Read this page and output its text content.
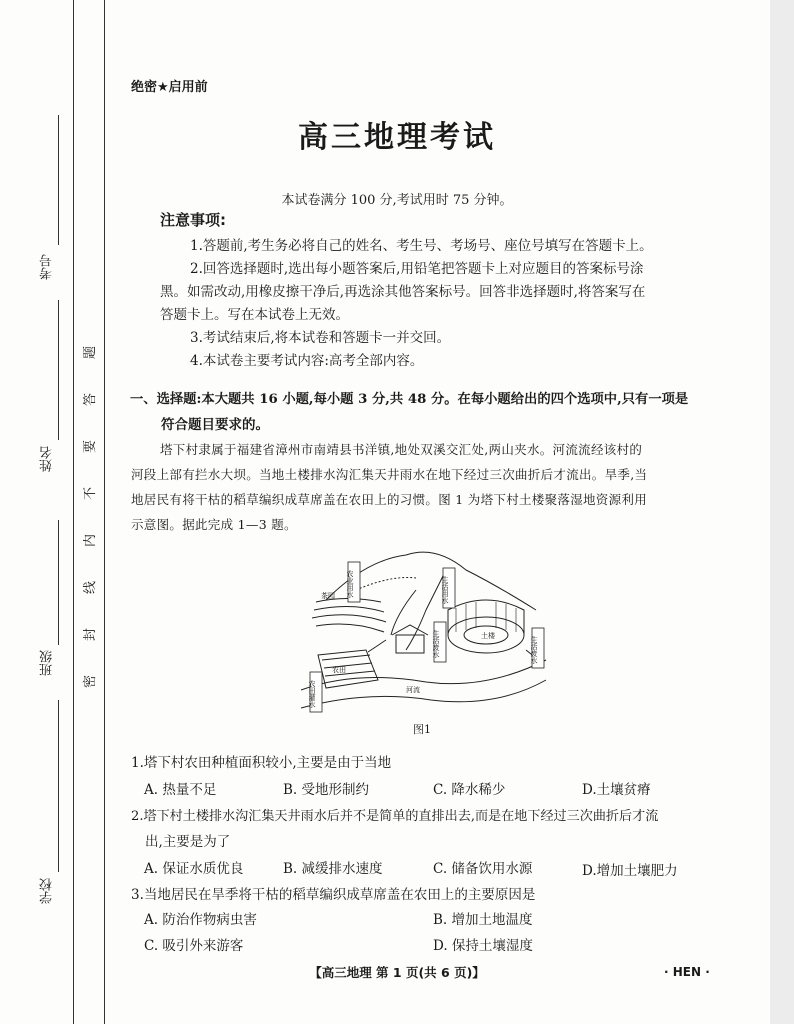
考号
姓名
班级
学校
题
答
要
不
内
线
封
密
绝密★启用前
高三地理考试
本试卷满分 100 分,考试用时 75 分钟。
注意事项:
1.答题前,考生务必将自己的姓名、考生号、考场号、座位号填写在答题卡上。
2.回答选择题时,选出每小题答案后,用铅笔把答题卡上对应题目的答案标号涂
黑。如需改动,用橡皮擦干净后,再选涂其他答案标号。回答非选择题时,将答案写在
答题卡上。写在本试卷上无效。
3.考试结束后,将本试卷和答题卡一并交回。
4.本试卷主要考试内容:高考全部内容。
一、选择题:本大题共 16 小题,每小题 3 分,共 48 分。在每小题给出的四个选项中,只有一项是
符合题目要求的。
塔下村隶属于福建省漳州市南靖县书洋镇,地处双溪交汇处,两山夹水。河流流经该村的
河段上部有拦水大坝。当地土楼排水沟汇集天井雨水在地下经过三次曲折后才流出。旱季,当
地居民有将干枯的稻草编织成草席盖在农田上的习惯。图 1 为塔下村土楼聚落湿地资源利用
示意图。据此完成 1—3 题。
茶园 农业用水	生活用水
土楼
生活废水	生活废水
农田
农田灌水	河流
图1
1.塔下村农田种植面积较小,主要是由于当地
A. 热量不足	B. 受地形制约	C. 降水稀少	D.土壤贫瘠
2.塔下村土楼排水沟汇集天井雨水后并不是简单的直排出去,而是在地下经过三次曲折后才流
出,主要是为了
A. 保证水质优良	B. 减缓排水速度	C. 储备饮用水源	D.增加土壤肥力
3.当地居民在旱季将干枯的稻草编织成草席盖在农田上的主要原因是
A. 防治作物病虫害	B. 增加土地温度
C. 吸引外来游客	D. 保持土壤湿度
【高三地理 第 1 页(共 6 页)】	· HEN ·
